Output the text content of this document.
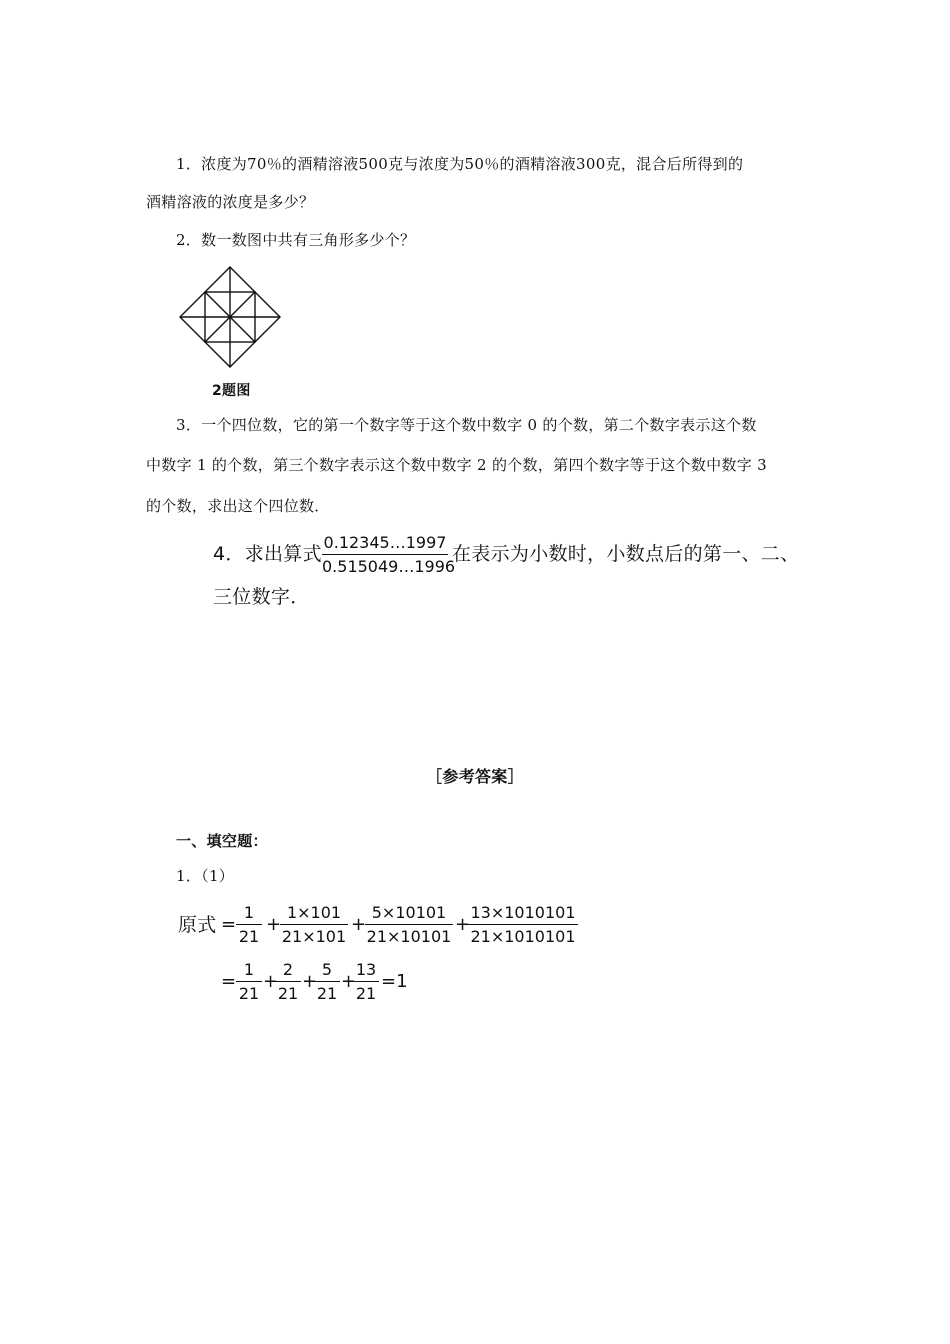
1．浓度为70％的酒精溶液500克与浓度为50％的酒精溶液300克，混合后所得到的
酒精溶液的浓度是多少？
2．数一数图中共有三角形多少个？
2题图
3．一个四位数，它的第一个数字等于这个数中数字 0 的个数，第二个数字表示这个数
中数字 1 的个数，第三个数字表示这个数中数字 2 的个数，第四个数字等于这个数中数字 3
的个数，求出这个四位数．
4．求出算式
0.12345…1997
0.515049…1996
在表示为小数时，小数点后的第一、二、
三位数字．
［参考答案］
一、填空题：
1．（1）
原式 =
1
21
+
1×101
21×101
+
5×10101
21×10101
+
13×1010101
21×1010101
=
1
21
+
2
21
+
5
21
+
13
21
=1
